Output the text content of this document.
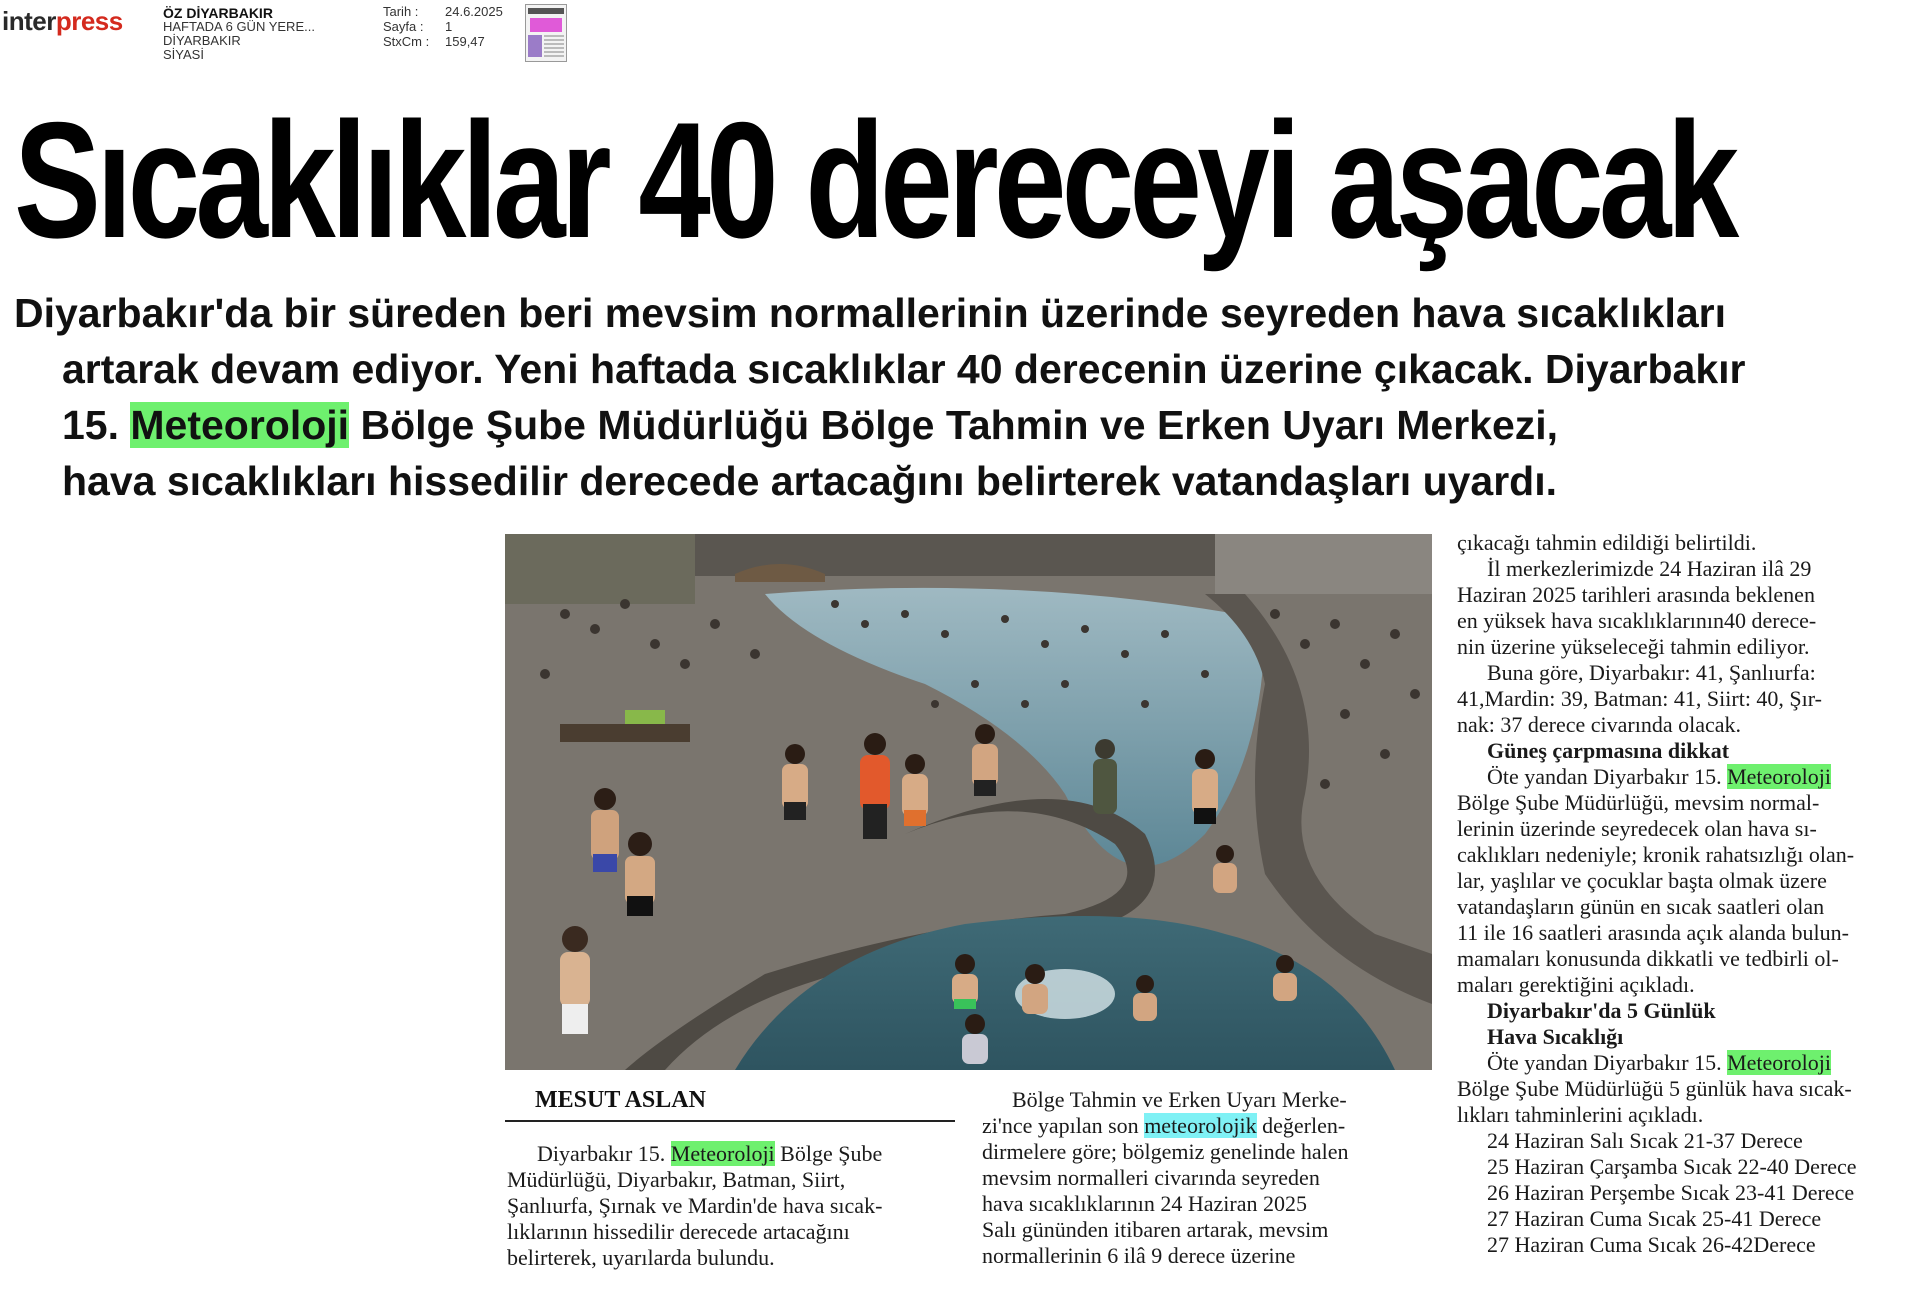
interpress	ÖZ DİYARBAKIR
HAFTADA 6 GÜN YERE...
DİYARBAKIR
SİYASİ
Tarih :	24.6.2025
Sayfa :	1
StxCm :	159,47
Sıcaklıklar 40 dereceyi aşacak

Diyarbakır'da bir süreden beri mevsim normallerinin üzerinde seyreden hava sıcaklıkları

artarak devam ediyor. Yeni haftada sıcaklıklar 40 derecenin üzerine çıkacak. Diyarbakır

15. Meteoroloji Bölge Şube Müdürlüğü Bölge Tahmin ve Erken Uyarı Merkezi,

hava sıcaklıkları hissedilir derecede artacağını belirterek vatandaşları uyardı.

MESUT ASLAN

Diyarbakır 15. Meteoroloji Bölge Şube

Müdürlüğü, Diyarbakır, Batman, Siirt,

Şanlıurfa, Şırnak ve Mardin'de hava sıcak-

lıklarının hissedilir derecede artacağını

belirterek, uyarılarda bulundu.

Bölge Tahmin ve Erken Uyarı Merke-

zi'nce yapılan son meteorolojik değerlen-

dirmelere göre; bölgemiz genelinde halen

mevsim normalleri civarında seyreden

hava sıcaklıklarının 24 Haziran 2025

Salı gününden itibaren artarak, mevsim

normallerinin 6 ilâ 9 derece üzerine

çıkacağı tahmin edildiği belirtildi.

İl merkezlerimizde 24 Haziran ilâ 29

Haziran 2025 tarihleri arasında beklenen

en yüksek hava sıcaklıklarının40 derece-

nin üzerine yükseleceği tahmin ediliyor.

Buna göre, Diyarbakır: 41, Şanlıurfa:

41,Mardin: 39, Batman: 41, Siirt: 40, Şır-

nak: 37 derece civarında olacak.

Güneş çarpmasına dikkat

Öte yandan Diyarbakır 15. Meteoroloji

Bölge Şube Müdürlüğü, mevsim normal-

lerinin üzerinde seyredecek olan hava sı-

caklıkları nedeniyle; kronik rahatsızlığı olan-

lar, yaşlılar ve çocuklar başta olmak üzere

vatandaşların günün en sıcak saatleri olan

11 ile 16 saatleri arasında açık alanda bulun-

mamaları konusunda dikkatli ve tedbirli ol-

maları gerektiğini açıkladı.

Diyarbakır'da 5 Günlük

Hava Sıcaklığı

Öte yandan Diyarbakır 15. Meteoroloji

Bölge Şube Müdürlüğü 5 günlük hava sıcak-

lıkları tahminlerini açıkladı.

24 Haziran Salı Sıcak 21-37 Derece

25 Haziran Çarşamba Sıcak 22-40 Derece

26 Haziran Perşembe Sıcak 23-41 Derece

27 Haziran Cuma Sıcak 25-41 Derece

27 Haziran Cuma Sıcak 26-42Derece
